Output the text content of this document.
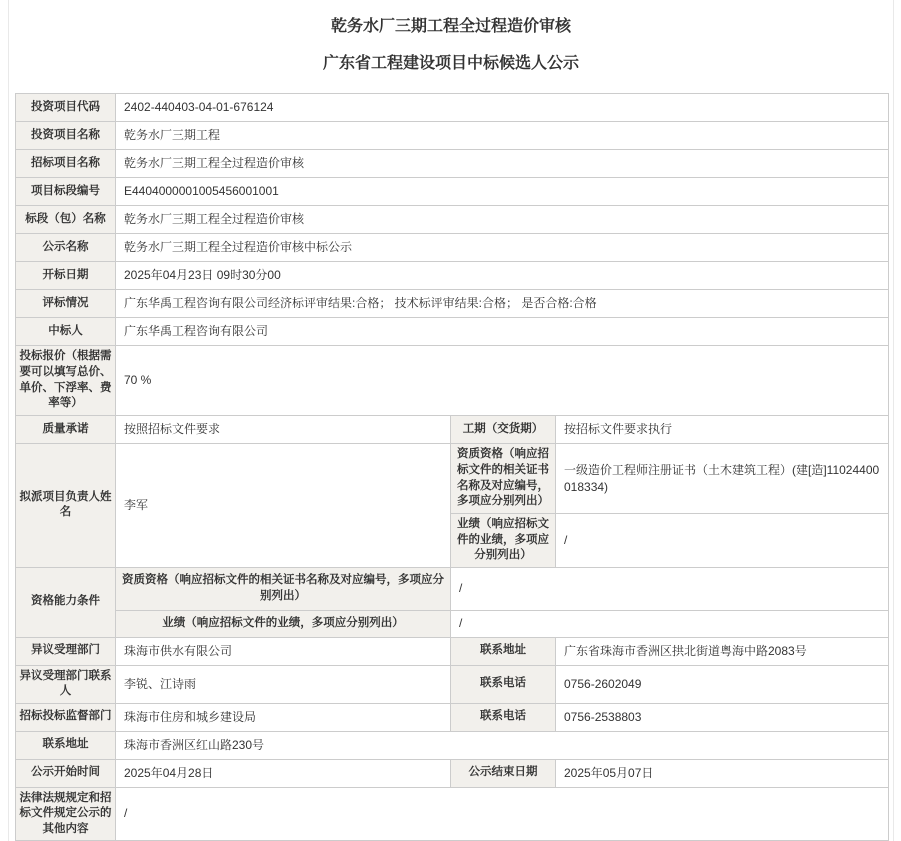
乾务水厂三期工程全过程造价审核
广东省工程建设项目中标候选人公示
投资项目代码	2402-440403-04-01-676124		
投资项目名称	乾务水厂三期工程		
招标项目名称	乾务水厂三期工程全过程造价审核		
项目标段编号	E4404000001005456001001		
标段（包）名称	乾务水厂三期工程全过程造价审核		
公示名称	乾务水厂三期工程全过程造价审核中标公示		
开标日期	2025年04月23日 09时30分00		
评标情况	广东华禹工程咨询有限公司经济标评审结果:合格； 技术标评审结果:合格； 是否合格:合格		
中标人	广东华禹工程咨询有限公司		
投标报价（根据需要可以填写总价、单价、下浮率、费率等）	70 %		
质量承诺	按照招标文件要求	工期（交货期）	按招标文件要求执行
拟派项目负责人姓名	李军	资质资格（响应招标文件的相关证书名称及对应编号，多项应分别列出）	一级造价工程师注册证书（土木建筑工程）(建[造]11024400018334)
		业绩（响应招标文件的业绩，多项应分别列出）	/
资格能力条件	资质资格（响应招标文件的相关证书名称及对应编号，多项应分别列出）	/	
	业绩（响应招标文件的业绩，多项应分别列出）	/	
异议受理部门	珠海市供水有限公司	联系地址	广东省珠海市香洲区拱北街道粤海中路2083号
异议受理部门联系人	李锐、江诗雨	联系电话	0756-2602049
招标投标监督部门	珠海市住房和城乡建设局	联系电话	0756-2538803
联系地址	珠海市香洲区红山路230号		
公示开始时间	2025年04月28日	公示结束日期	2025年05月07日
法律法规规定和招标文件规定公示的其他内容	/		
